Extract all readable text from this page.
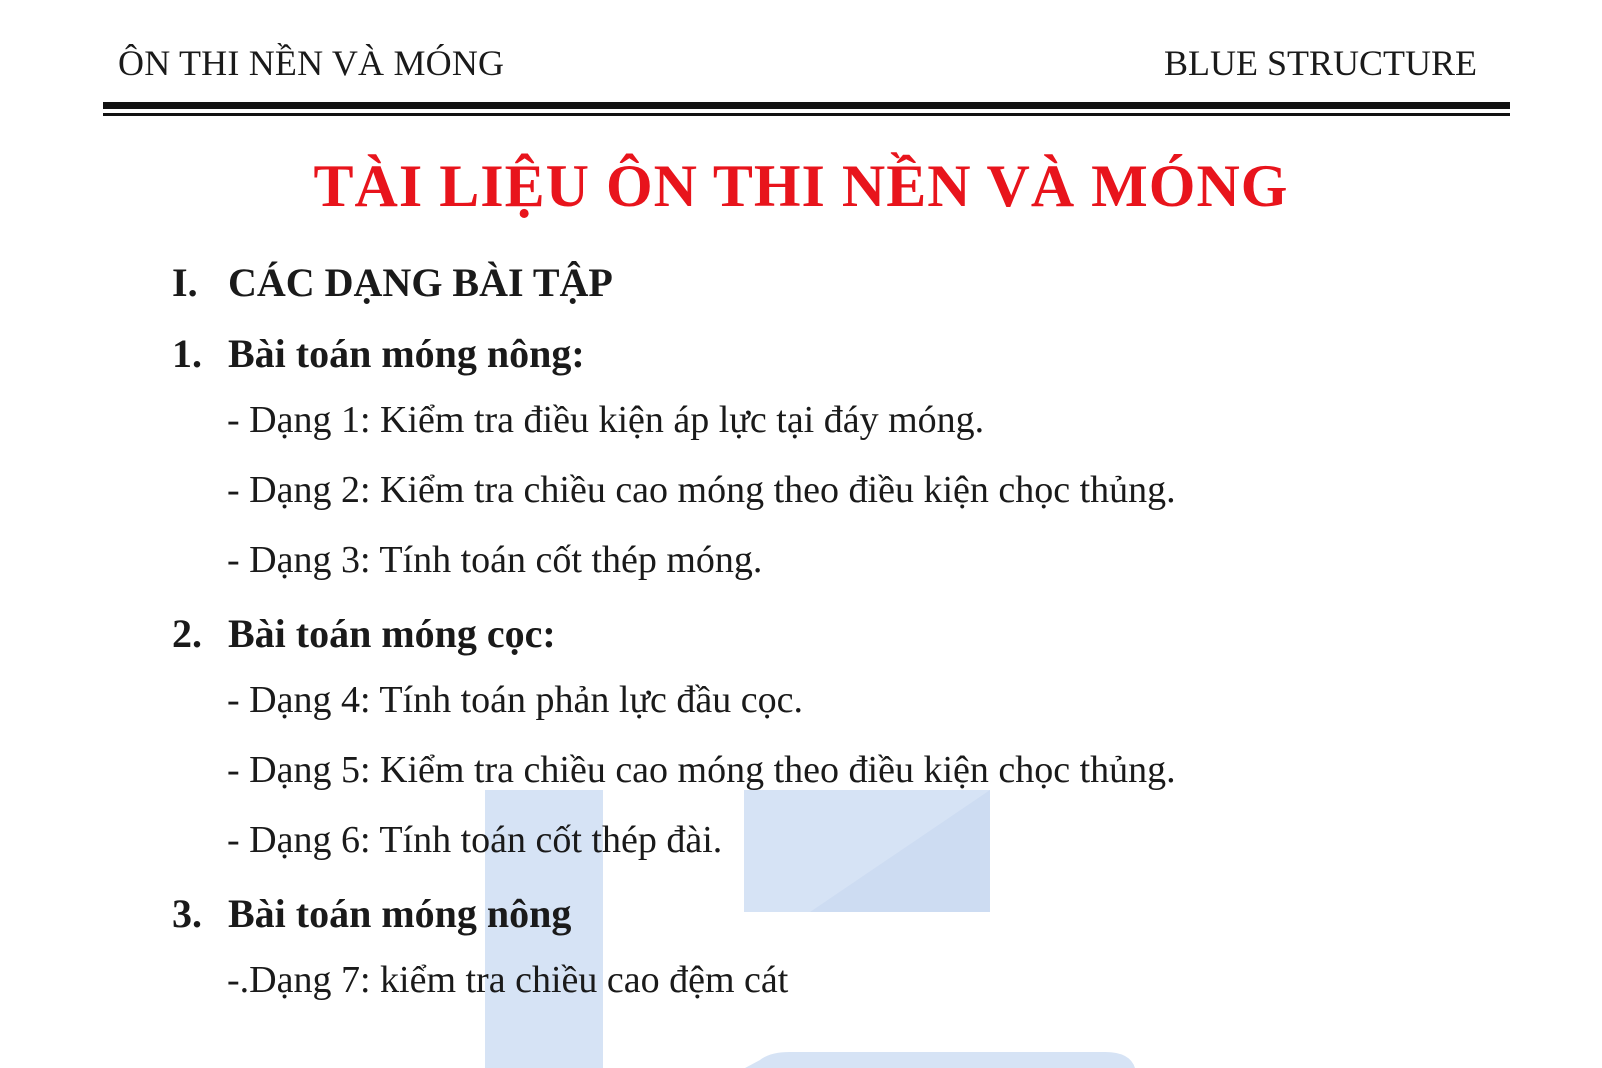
ÔN THI NỀN VÀ MÓNG	BLUE STRUCTURE
TÀI LIỆU ÔN THI NỀN VÀ MÓNG
I. CÁC DẠNG BÀI TẬP
1. Bài toán móng nông:
- Dạng 1: Kiểm tra điều kiện áp lực tại đáy móng.
- Dạng 2: Kiểm tra chiều cao móng theo điều kiện chọc thủng.
- Dạng 3: Tính toán cốt thép móng.
2. Bài toán móng cọc:
- Dạng 4: Tính toán phản lực đầu cọc.
- Dạng 5: Kiểm tra chiều cao móng theo điều kiện chọc thủng.
- Dạng 6: Tính toán cốt thép đài.
3. Bài toán móng nông
-.Dạng 7: kiểm tra chiều cao đệm cát
